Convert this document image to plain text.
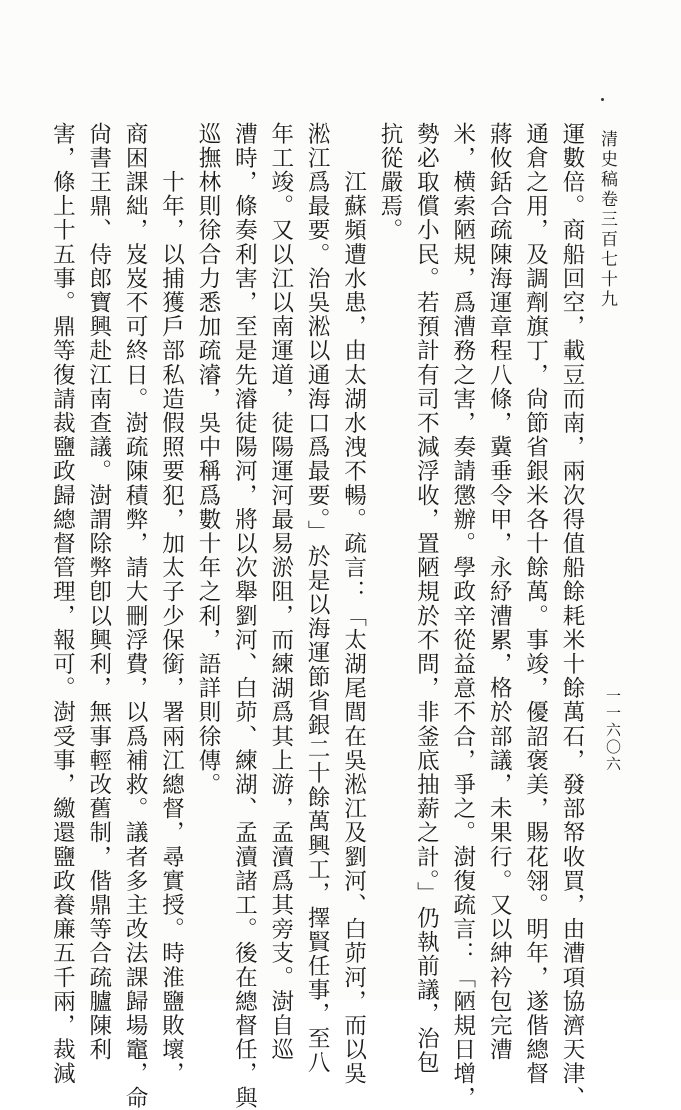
清史稿卷三百七十九
一一六〇六

運數倍。商船回空，載豆而南，兩次得值船餘耗米十餘萬石，發部帑收買，由漕項協濟天津、

通倉之用，及調劑旗丁，尙節省銀米各十餘萬。事竣，優詔褒美，賜花翎。明年，遂偕總督

蔣攸銛合疏陳海運章程八條，冀垂令甲，永紓漕累，格於部議，未果行。又以紳衿包完漕

米，横索陋規，爲漕務之害，奏請懲辦。學政辛從益意不合，爭之。澍復疏言：「陋規日增，

勢必取償小民。若預計有司不減浮收，置陋規於不問，非釜底抽薪之計。」仍執前議，治包

抗從嚴焉。

　　江蘇頻遭水患，由太湖水洩不暢。疏言：「太湖尾閭在吳淞江及劉河、白茆河，而以吳

淞江爲最要。治吳淞以通海口爲最要。」於是以海運節省銀二十餘萬興工，擇賢任事，至八

年工竣。又以江以南運道，徒陽運河最易淤阻，而練湖爲其上游，孟瀆爲其旁支。澍自巡

漕時，條奏利害，至是先濬徒陽河，將以次舉劉河、白茆、練湖、孟瀆諸工。後在總督任，與

巡撫林則徐合力悉加疏濬，吳中稱爲數十年之利，語詳則徐傳。

　　十年，以捕獲戶部私造假照要犯，加太子少保銜，署兩江總督，尋實授。時淮鹽敗壞，

商困課絀，岌岌不可終日。澍疏陳積弊，請大刪浮費，以爲補救。議者多主改法課歸場竈，命

尙書王鼎、侍郎寶興赴江南查議。澍謂除弊卽以興利，無事輕改舊制，偕鼎等合疏臚陳利

害，條上十五事。鼎等復請裁鹽政歸總督管理，報可。澍受事，繳還鹽政養廉五千兩，裁減
